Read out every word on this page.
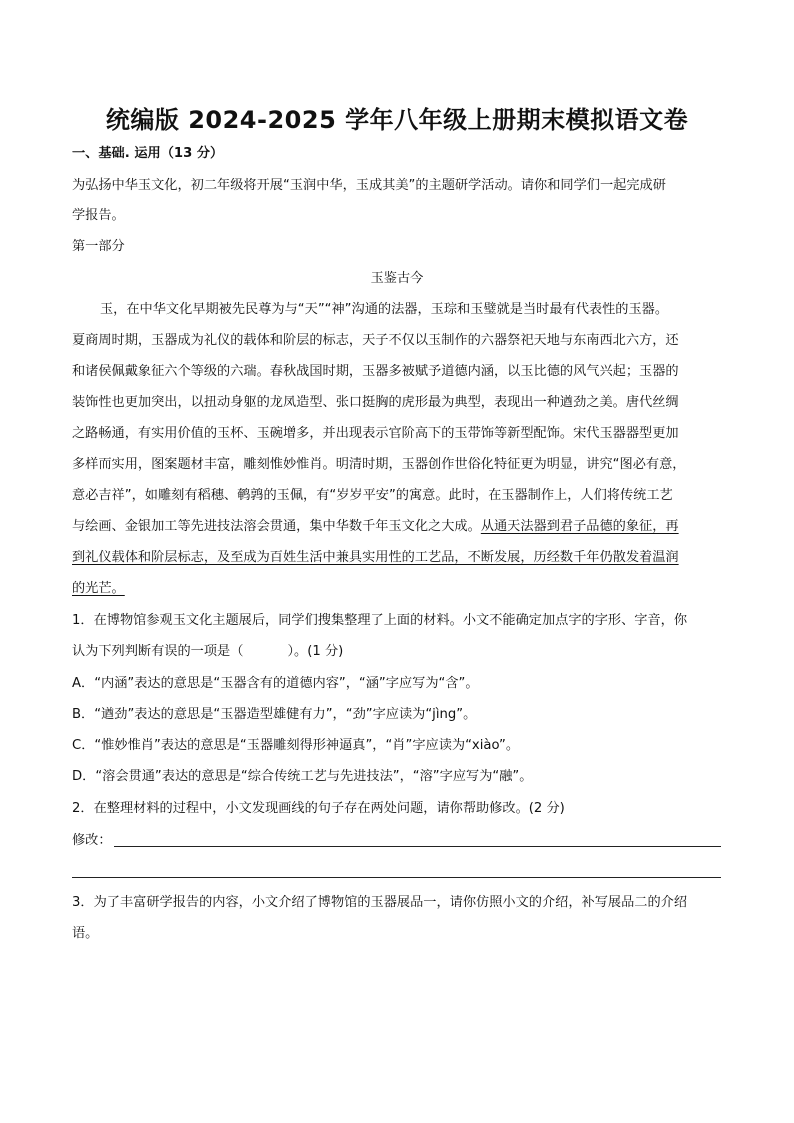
统编版 2024-2025 学年八年级上册期末模拟语文卷
一、基础. 运用（13 分）
为弘扬中华玉文化，初二年级将开展“玉润中华，玉成其美”的主题研学活动。请你和同学们一起完成研
学报告。
第一部分
玉鉴古今
玉，在中华文化早期被先民尊为与“天”“神”沟通的法器，玉琮和玉璧就是当时最有代表性的玉器。
夏商周时期，玉器成为礼仪的载体和阶层的标志，天子不仅以玉制作的六器祭祀天地与东南西北六方，还
和诸侯佩戴象征六个等级的六瑞。春秋战国时期，玉器多被赋予道德内涵，以玉比德的风气兴起；玉器的
装饰性也更加突出，以扭动身躯的龙凤造型、张口挺胸的虎形最为典型，表现出一种遒劲之美。唐代丝绸
之路畅通，有实用价值的玉杯、玉碗增多，并出现表示官阶高下的玉带饰等新型配饰。宋代玉器器型更加
多样而实用，图案题材丰富，雕刻惟妙惟肖。明清时期，玉器创作世俗化特征更为明显，讲究“图必有意，
意必吉祥”，如雕刻有稻穗、鹌鹑的玉佩，有“岁岁平安”的寓意。此时，在玉器制作上，人们将传统工艺
与绘画、金银加工等先进技法溶会贯通，集中华数千年玉文化之大成。从通天法器到君子品德的象征，再
到礼仪载体和阶层标志，及至成为百姓生活中兼具实用性的工艺品，不断发展，历经数千年仍散发着温润
的光芒。
1．在博物馆参观玉文化主题展后，同学们搜集整理了上面的材料。小文不能确定加点字的字形、字音，你
认为下列判断有误的一项是（	）。(1 分)
A．“内涵”表达的意思是“玉器含有的道德内容”，“涵”字应写为“含”。
B．“遒劲”表达的意思是“玉器造型雄健有力”，“劲”字应读为“jìng”。
C．“惟妙惟肖”表达的意思是“玉器雕刻得形神逼真”，“肖”字应读为“xiào”。
D．“溶会贯通”表达的意思是“综合传统工艺与先进技法”，“溶”字应写为“融”。
2．在整理材料的过程中，小文发现画线的句子存在两处问题，请你帮助修改。(2 分)
修改：
3．为了丰富研学报告的内容，小文介绍了博物馆的玉器展品一，请你仿照小文的介绍，补写展品二的介绍
语。
